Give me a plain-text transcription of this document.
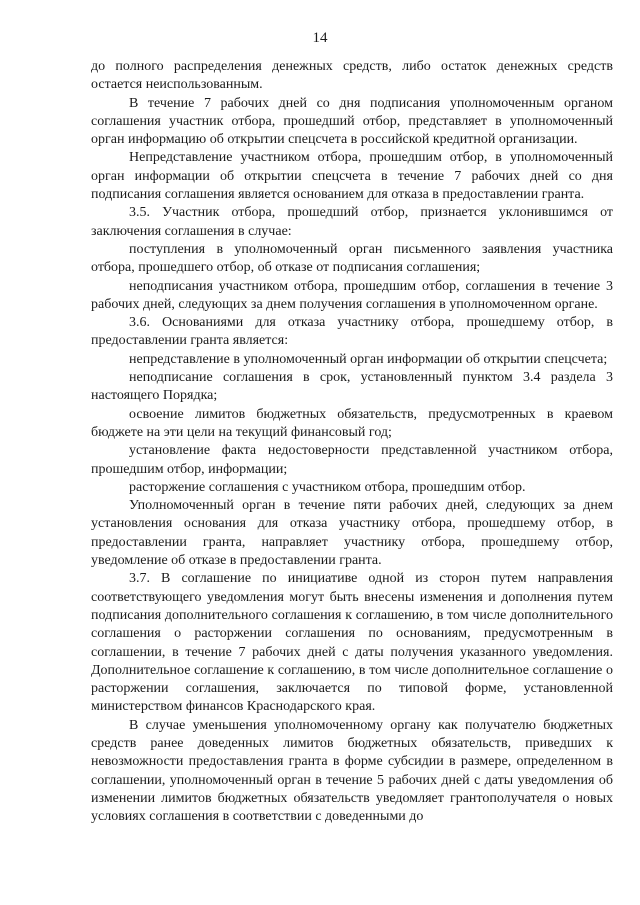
14

до полного распределения денежных средств, либо остаток денежных средств остается неиспользованным.

В течение 7 рабочих дней со дня подписания уполномоченным органом соглашения участник отбора, прошедший отбор, представляет в уполномоченный орган информацию об открытии спецсчета в российской кредитной организации.

Непредставление участником отбора, прошедшим отбор, в уполномоченный орган информации об открытии спецсчета в течение 7 рабочих дней со дня подписания соглашения является основанием для отказа в предоставлении гранта.

3.5. Участник отбора, прошедший отбор, признается уклонившимся от заключения соглашения в случае:

поступления в уполномоченный орган письменного заявления участника отбора, прошедшего отбор, об отказе от подписания соглашения;

неподписания участником отбора, прошедшим отбор, соглашения в течение 3 рабочих дней, следующих за днем получения соглашения в уполномоченном органе.

3.6. Основаниями для отказа участнику отбора, прошедшему отбор, в предоставлении гранта является:

непредставление в уполномоченный орган информации об открытии спецсчета;

неподписание соглашения в срок, установленный пунктом 3.4 раздела 3 настоящего Порядка;

освоение лимитов бюджетных обязательств, предусмотренных в краевом бюджете на эти цели на текущий финансовый год;

установление факта недостоверности представленной участником отбора, прошедшим отбор, информации;

расторжение соглашения с участником отбора, прошедшим отбор.

Уполномоченный орган в течение пяти рабочих дней, следующих за днем установления основания для отказа участнику отбора, прошедшему отбор, в предоставлении гранта, направляет участнику отбора, прошедшему отбор, уведомление об отказе в предоставлении гранта.

3.7. В соглашение по инициативе одной из сторон путем направления соответствующего уведомления могут быть внесены изменения и дополнения путем подписания дополнительного соглашения к соглашению, в том числе дополнительного соглашения о расторжении соглашения по основаниям, предусмотренным в соглашении, в течение 7 рабочих дней с даты получения указанного уведомления. Дополнительное соглашение к соглашению, в том числе дополнительное соглашение о расторжении соглашения, заключается по типовой форме, установленной министерством финансов Краснодарского края.

В случае уменьшения уполномоченному органу как получателю бюджетных средств ранее доведенных лимитов бюджетных обязательств, приведших к невозможности предоставления гранта в форме субсидии в размере, определенном в соглашении, уполномоченный орган в течение 5 рабочих дней с даты уведомления об изменении лимитов бюджетных обязательств уведомляет грантополучателя о новых условиях соглашения в соответствии с доведенными до
